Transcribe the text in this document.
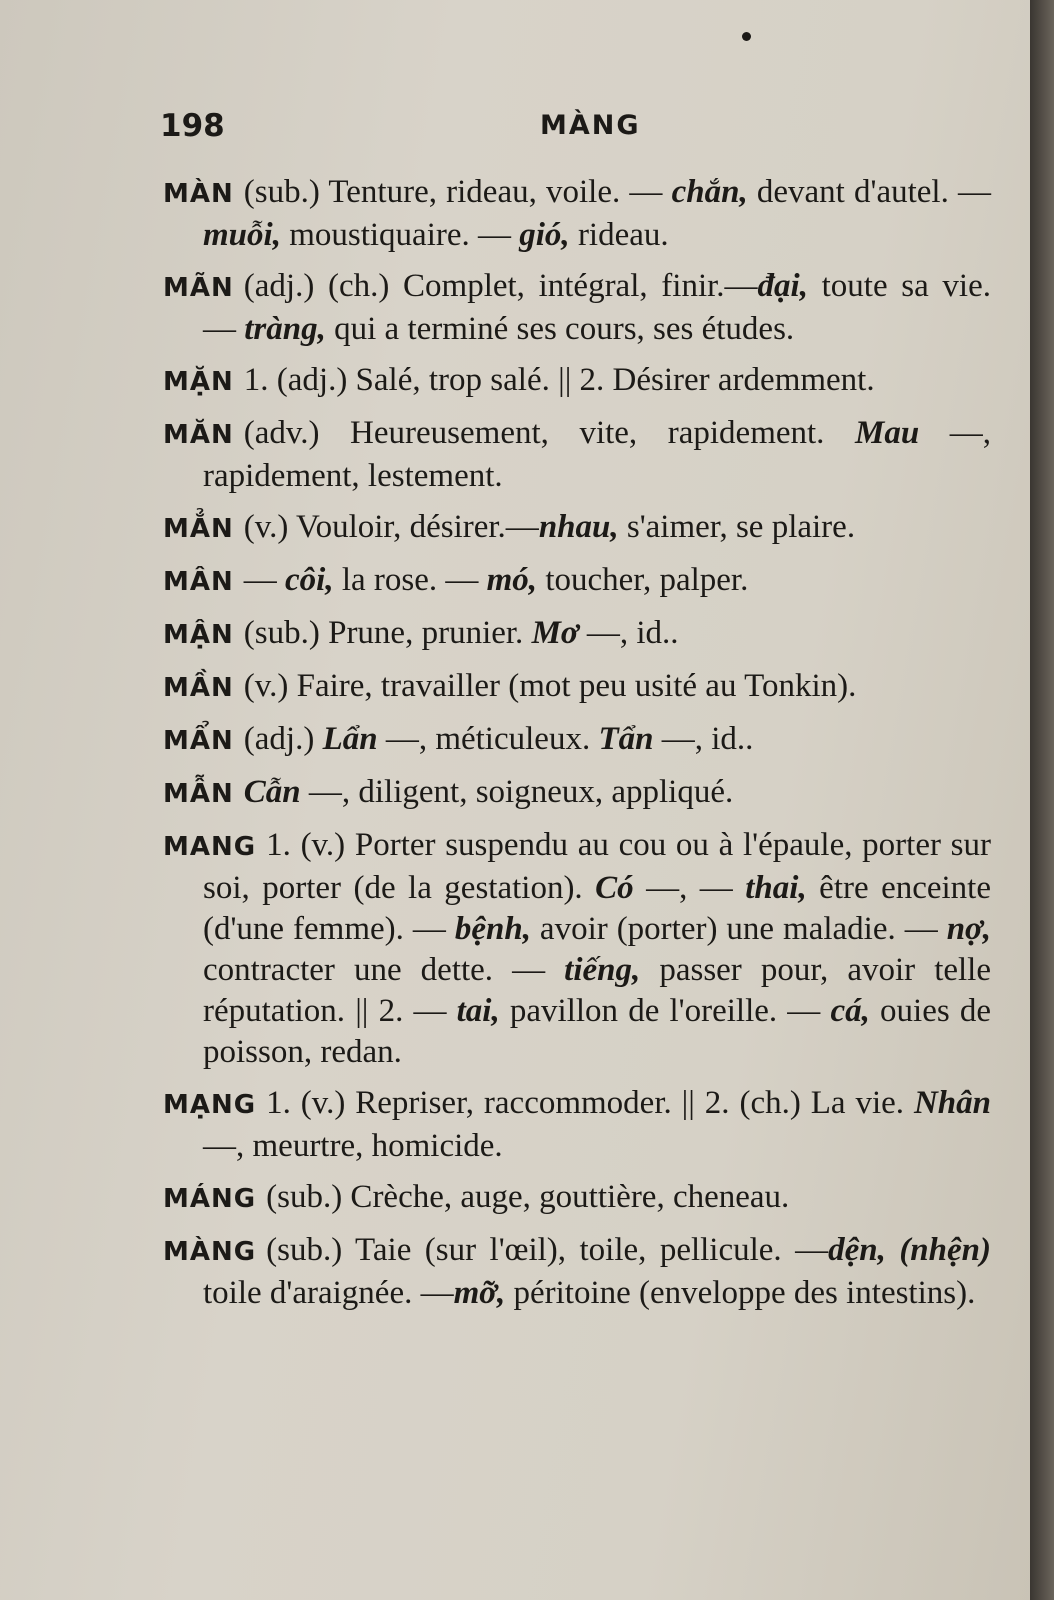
198	MÀNG

MÀN (sub.) Tenture, rideau, voile. — chắn, devant d'autel. — muỗi, moustiquaire. — gió, rideau.

MÃN (adj.) (ch.) Complet, intégral, finir.—đại, toute sa vie. — tràng, qui a terminé ses cours, ses études.

MẶN 1. (adj.) Salé, trop salé. || 2. Désirer ardemment.

MĂN (adv.) Heureusement, vite, rapidement. Mau —, rapidement, lestement.

MẲN (v.) Vouloir, désirer.—nhau, s'aimer, se plaire.

MÂN — côi, la rose. — mó, toucher, palper.

MẬN (sub.) Prune, prunier. Mơ —, id..

MẦN (v.) Faire, travailler (mot peu usité au Tonkin).

MẨN (adj.) Lẩn —, méticuleux. Tẩn —, id..

MẪN Cẫn —, diligent, soigneux, appliqué.

MANG 1. (v.) Porter suspendu au cou ou à l'épaule, porter sur soi, porter (de la gestation). Có —, — thai, être enceinte (d'une femme). — bệnh, avoir (porter) une maladie. — nợ, contracter une dette. — tiếng, passer pour, avoir telle réputation. || 2. — tai, pavillon de l'oreille. — cá, ouies de poisson, redan.

MẠNG 1. (v.) Repriser, raccommoder. || 2. (ch.) La vie. Nhân —, meurtre, homicide.

MÁNG (sub.) Crèche, auge, gouttière, cheneau.

MÀNG (sub.) Taie (sur l'œil), toile, pellicule. —dện, (nhện) toile d'araignée. —mỡ, péritoine (enveloppe des intestins).
